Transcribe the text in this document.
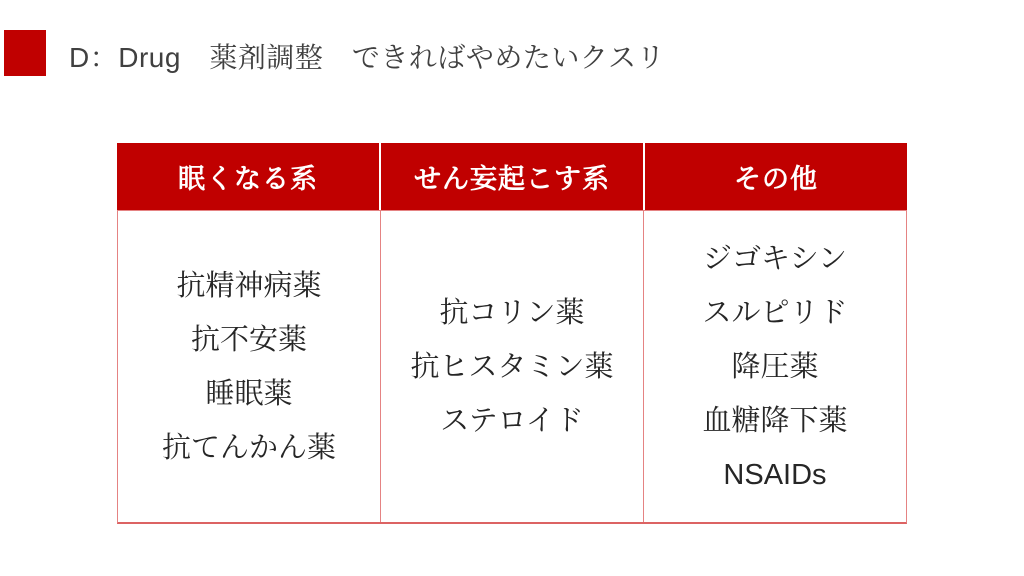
D：Drug　薬剤調整　できればやめたいクスリ
眠くなる系	せん妄起こす系	その他

抗精神病薬

抗不安薬

睡眠薬

抗てんかん薬

抗コリン薬

抗ヒスタミン薬

ステロイド

ジゴキシン

スルピリド

降圧薬

血糖降下薬

NSAIDs
